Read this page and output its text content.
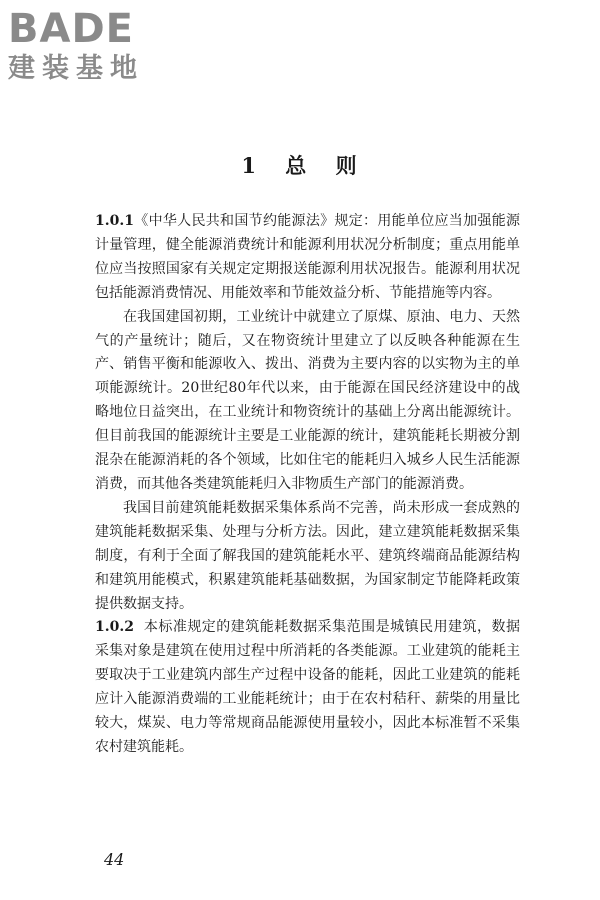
BADE

建装基地

1 总 则

1.0.1《中华人民共和国节约能源法》规定：用能单位应当加强能源计量管理，健全能源消费统计和能源利用状况分析制度；重点用能单位应当按照国家有关规定定期报送能源利用状况报告。能源利用状况包括能源消费情况、用能效率和节能效益分析、节能措施等内容。

在我国建国初期，工业统计中就建立了原煤、原油、电力、天然气的产量统计；随后，又在物资统计里建立了以反映各种能源在生产、销售平衡和能源收入、拨出、消费为主要内容的以实物为主的单项能源统计。20世纪80年代以来，由于能源在国民经济建设中的战略地位日益突出，在工业统计和物资统计的基础上分离出能源统计。但目前我国的能源统计主要是工业能源的统计，建筑能耗长期被分割混杂在能源消耗的各个领域，比如住宅的能耗归入城乡人民生活能源消费，而其他各类建筑能耗归入非物质生产部门的能源消费。

我国目前建筑能耗数据采集体系尚不完善，尚未形成一套成熟的建筑能耗数据采集、处理与分析方法。因此，建立建筑能耗数据采集制度，有利于全面了解我国的建筑能耗水平、建筑终端商品能源结构和建筑用能模式，积累建筑能耗基础数据，为国家制定节能降耗政策提供数据支持。

1.0.2 本标准规定的建筑能耗数据采集范围是城镇民用建筑，数据采集对象是建筑在使用过程中所消耗的各类能源。工业建筑的能耗主要取决于工业建筑内部生产过程中设备的能耗，因此工业建筑的能耗应计入能源消费端的工业能耗统计；由于在农村秸秆、薪柴的用量比较大，煤炭、电力等常规商品能源使用量较小，因此本标准暂不采集农村建筑能耗。

44
